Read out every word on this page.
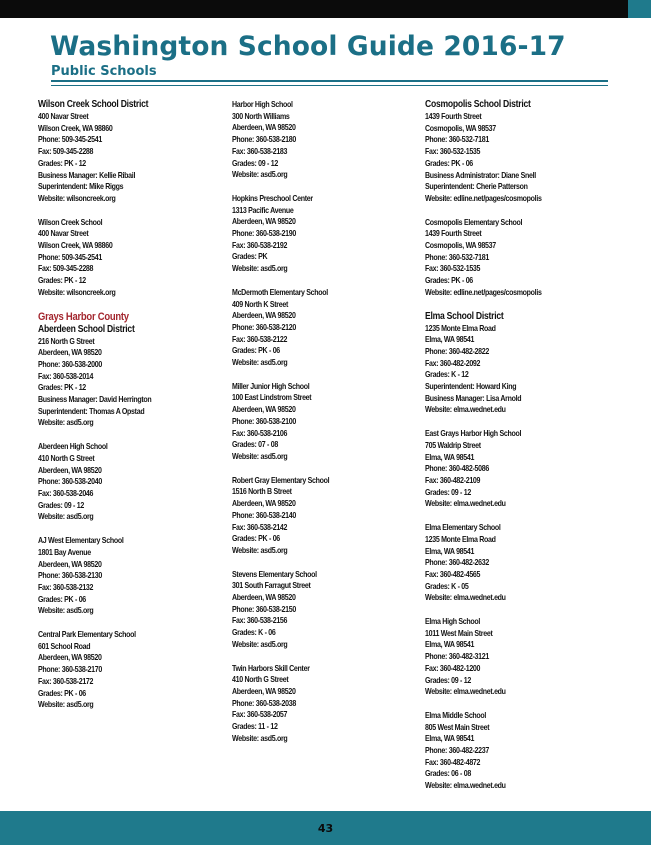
Washington School Guide 2016-17
Public Schools
Wilson Creek School District
400 Navar Street
Wilson Creek, WA 98860
Phone: 509-345-2541
Fax: 509-345-2288
Grades: PK - 12
Business Manager: Kellie Ribail
Superintendent: Mike Riggs
Website: wilsoncreek.org
Wilson Creek School
400 Navar Street
Wilson Creek, WA 98860
Phone: 509-345-2541
Fax: 509-345-2288
Grades: PK - 12
Website: wilsoncreek.org
Grays Harbor County
Aberdeen School District
216 North G Street
Aberdeen, WA 98520
Phone: 360-538-2000
Fax: 360-538-2014
Grades: PK - 12
Business Manager: David Herrington
Superintendent: Thomas A Opstad
Website: asd5.org
Aberdeen High School
410 North G Street
Aberdeen, WA 98520
Phone: 360-538-2040
Fax: 360-538-2046
Grades: 09 - 12
Website: asd5.org
AJ West Elementary School
1801 Bay Avenue
Aberdeen, WA 98520
Phone: 360-538-2130
Fax: 360-538-2132
Grades: PK - 06
Website: asd5.org
Central Park Elementary School
601 School Road
Aberdeen, WA 98520
Phone: 360-538-2170
Fax: 360-538-2172
Grades: PK - 06
Website: asd5.org
Harbor High School
300 North Williams
Aberdeen, WA 98520
Phone: 360-538-2180
Fax: 360-538-2183
Grades: 09 - 12
Website: asd5.org
Hopkins Preschool Center
1313 Pacific Avenue
Aberdeen, WA 98520
Phone: 360-538-2190
Fax: 360-538-2192
Grades: PK
Website: asd5.org
McDermoth Elementary School
409 North K Street
Aberdeen, WA 98520
Phone: 360-538-2120
Fax: 360-538-2122
Grades: PK - 06
Website: asd5.org
Miller Junior High School
100 East Lindstrom Street
Aberdeen, WA 98520
Phone: 360-538-2100
Fax: 360-538-2106
Grades: 07 - 08
Website: asd5.org
Robert Gray Elementary School
1516 North B Street
Aberdeen, WA 98520
Phone: 360-538-2140
Fax: 360-538-2142
Grades: PK - 06
Website: asd5.org
Stevens Elementary School
301 South Farragut Street
Aberdeen, WA 98520
Phone: 360-538-2150
Fax: 360-538-2156
Grades: K - 06
Website: asd5.org
Twin Harbors Skill Center
410 North G Street
Aberdeen, WA 98520
Phone: 360-538-2038
Fax: 360-538-2057
Grades: 11 - 12
Website: asd5.org
Cosmopolis School District
1439 Fourth Street
Cosmopolis, WA 98537
Phone: 360-532-7181
Fax: 360-532-1535
Grades: PK - 06
Business Administrator: Diane Snell
Superintendent: Cherie Patterson
Website: edline.net/pages/cosmopolis
Cosmopolis Elementary School
1439 Fourth Street
Cosmopolis, WA 98537
Phone: 360-532-7181
Fax: 360-532-1535
Grades: PK - 06
Website: edline.net/pages/cosmopolis
Elma School District
1235 Monte Elma Road
Elma, WA 98541
Phone: 360-482-2822
Fax: 360-482-2092
Grades: K - 12
Superintendent: Howard King
Business Manager: Lisa Arnold
Website: elma.wednet.edu
East Grays Harbor High School
705 Waldrip Street
Elma, WA 98541
Phone: 360-482-5086
Fax: 360-482-2109
Grades: 09 - 12
Website: elma.wednet.edu
Elma Elementary School
1235 Monte Elma Road
Elma, WA 98541
Phone: 360-482-2632
Fax: 360-482-4565
Grades: K - 05
Website: elma.wednet.edu
Elma High School
1011 West Main Street
Elma, WA 98541
Phone: 360-482-3121
Fax: 360-482-1200
Grades: 09 - 12
Website: elma.wednet.edu
Elma Middle School
805 West Main Street
Elma, WA 98541
Phone: 360-482-2237
Fax: 360-482-4872
Grades: 06 - 08
Website: elma.wednet.edu
43
